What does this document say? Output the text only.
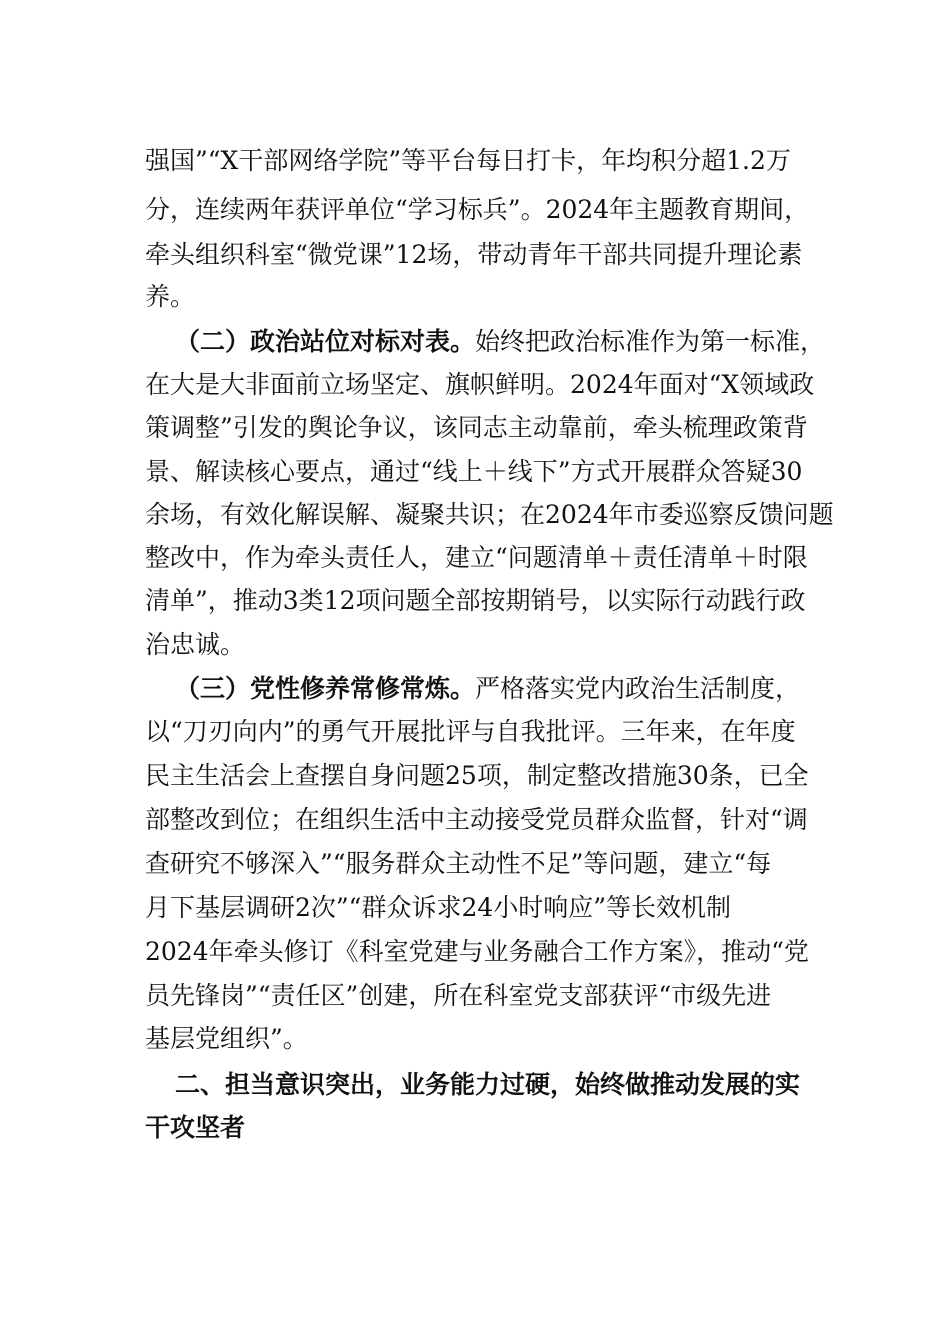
强国”“X干部网络学院”等平台每日打卡，年均积分超1.2万

分，连续两年获评单位“学习标兵”。2024年主题教育期间，

牵头组织科室“微党课”12场，带动青年干部共同提升理论素

养。

（二）政治站位对标对表。始终把政治标准作为第一标准，

在大是大非面前立场坚定、旗帜鲜明。2024年面对“X领域政

策调整”引发的舆论争议，该同志主动靠前，牵头梳理政策背

景、解读核心要点，通过“线上＋线下”方式开展群众答疑30

余场，有效化解误解、凝聚共识；在2024年市委巡察反馈问题

整改中，作为牵头责任人，建立“问题清单＋责任清单＋时限

清单”，推动3类12项问题全部按期销号，以实际行动践行政

治忠诚。

（三）党性修养常修常炼。严格落实党内政治生活制度，

以“刀刃向内”的勇气开展批评与自我批评。三年来，在年度

民主生活会上查摆自身问题25项，制定整改措施30条，已全

部整改到位；在组织生活中主动接受党员群众监督，针对“调

查研究不够深入”“服务群众主动性不足”等问题，建立“每

月下基层调研2次”“群众诉求24小时响应”等长效机制

2024年牵头修订《科室党建与业务融合工作方案》，推动“党

员先锋岗”“责任区”创建，所在科室党支部获评“市级先进

基层党组织”。

二、担当意识突出，业务能力过硬，始终做推动发展的实

干攻坚者
